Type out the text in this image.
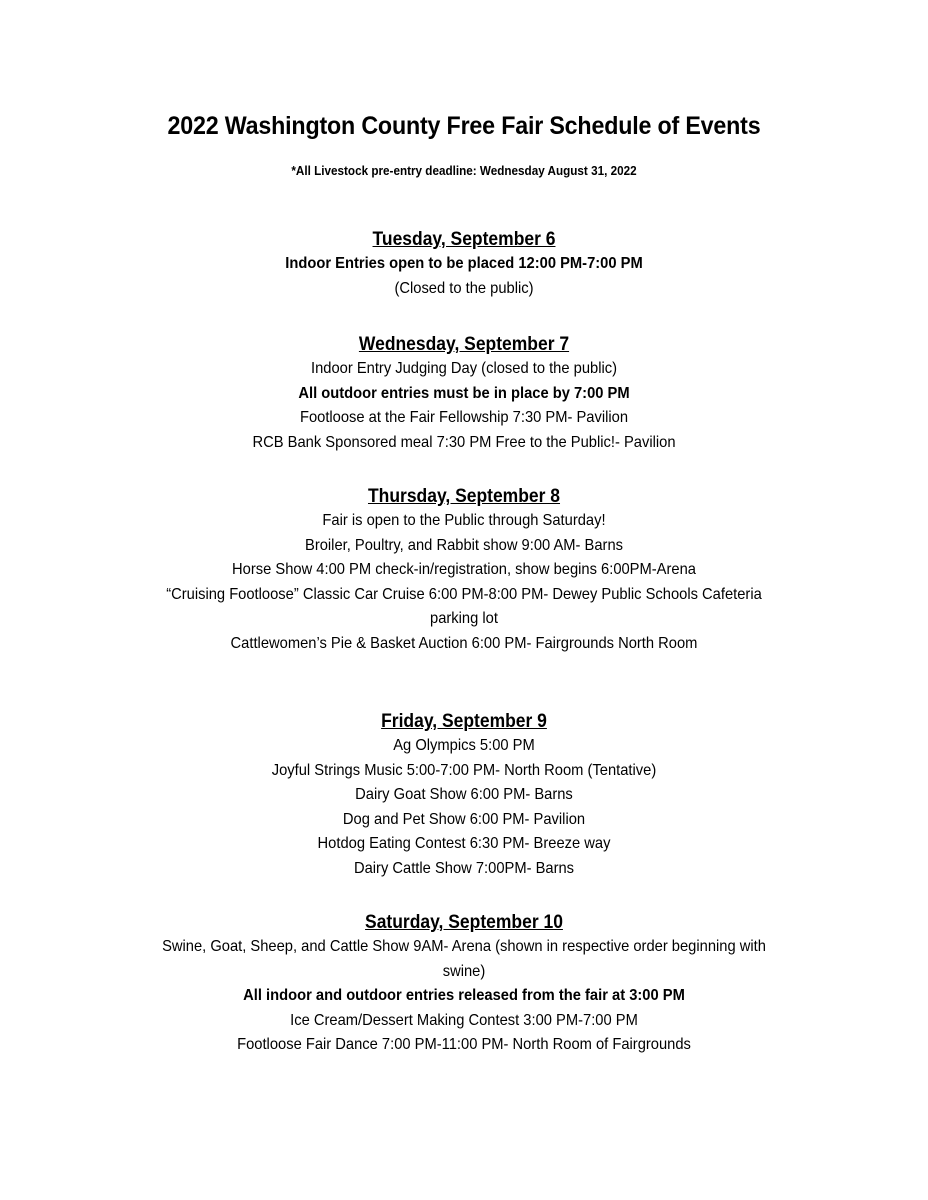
2022 Washington County Free Fair Schedule of Events
*All Livestock pre-entry deadline: Wednesday August 31, 2022
Tuesday, September 6
Indoor Entries open to be placed 12:00 PM-7:00 PM
(Closed to the public)
Wednesday, September 7
Indoor Entry Judging Day (closed to the public)
All outdoor entries must be in place by 7:00 PM
Footloose at the Fair Fellowship 7:30 PM- Pavilion
RCB Bank Sponsored meal 7:30 PM Free to the Public!- Pavilion
Thursday, September 8
Fair is open to the Public through Saturday!
Broiler, Poultry, and Rabbit show 9:00 AM- Barns
Horse Show 4:00 PM check-in/registration, show begins 6:00PM-Arena
“Cruising Footloose” Classic Car Cruise 6:00 PM-8:00 PM- Dewey Public Schools Cafeteria
parking lot
Cattlewomen’s Pie & Basket Auction 6:00 PM- Fairgrounds North Room
Friday, September 9
Ag Olympics 5:00 PM
Joyful Strings Music 5:00-7:00 PM- North Room (Tentative)
Dairy Goat Show 6:00 PM- Barns
Dog and Pet Show 6:00 PM- Pavilion
Hotdog Eating Contest 6:30 PM- Breeze way
Dairy Cattle Show 7:00PM- Barns
Saturday, September 10
Swine, Goat, Sheep, and Cattle Show 9AM- Arena (shown in respective order beginning with
swine)
All indoor and outdoor entries released from the fair at 3:00 PM
Ice Cream/Dessert Making Contest 3:00 PM-7:00 PM
Footloose Fair Dance 7:00 PM-11:00 PM- North Room of Fairgrounds
